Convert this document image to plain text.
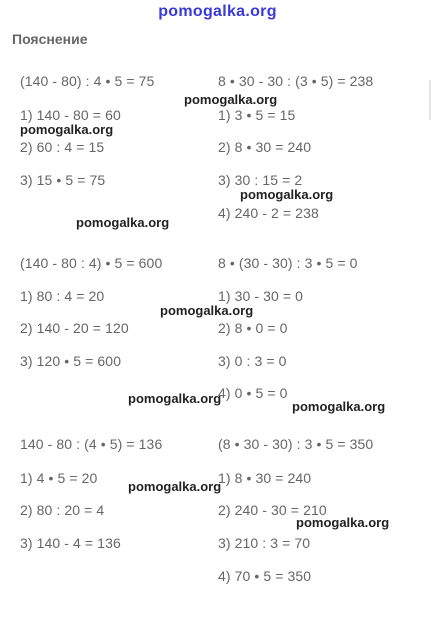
pomogalka.org
Пояснение
(140 - 80) : 4 • 5 = 75
1) 140 - 80 = 60
2) 60 : 4 = 15
3) 15 • 5 = 75
8 • 30 - 30 : (3 • 5) = 238
1) 3 • 5 = 15
2) 8 • 30 = 240
3) 30 : 15 = 2
4) 240 - 2 = 238
(140 - 80 : 4) • 5 = 600
1) 80 : 4 = 20
2) 140 - 20 = 120
3) 120 • 5 = 600
8 • (30 - 30) : 3 • 5 = 0
1) 30 - 30 = 0
2) 8 • 0 = 0
3) 0 : 3 = 0
4) 0 • 5 = 0
140 - 80 : (4 • 5) = 136
1) 4 • 5 = 20
2) 80 : 20 = 4
3) 140 - 4 = 136
(8 • 30 - 30) : 3 • 5 = 350
1) 8 • 30 = 240
2) 240 - 30 = 210
3) 210 : 3 = 70
4) 70 • 5 = 350
pomogalka.org
pomogalka.org
pomogalka.org
pomogalka.org
pomogalka.org
pomogalka.org
pomogalka.org
pomogalka.org
pomogalka.org
